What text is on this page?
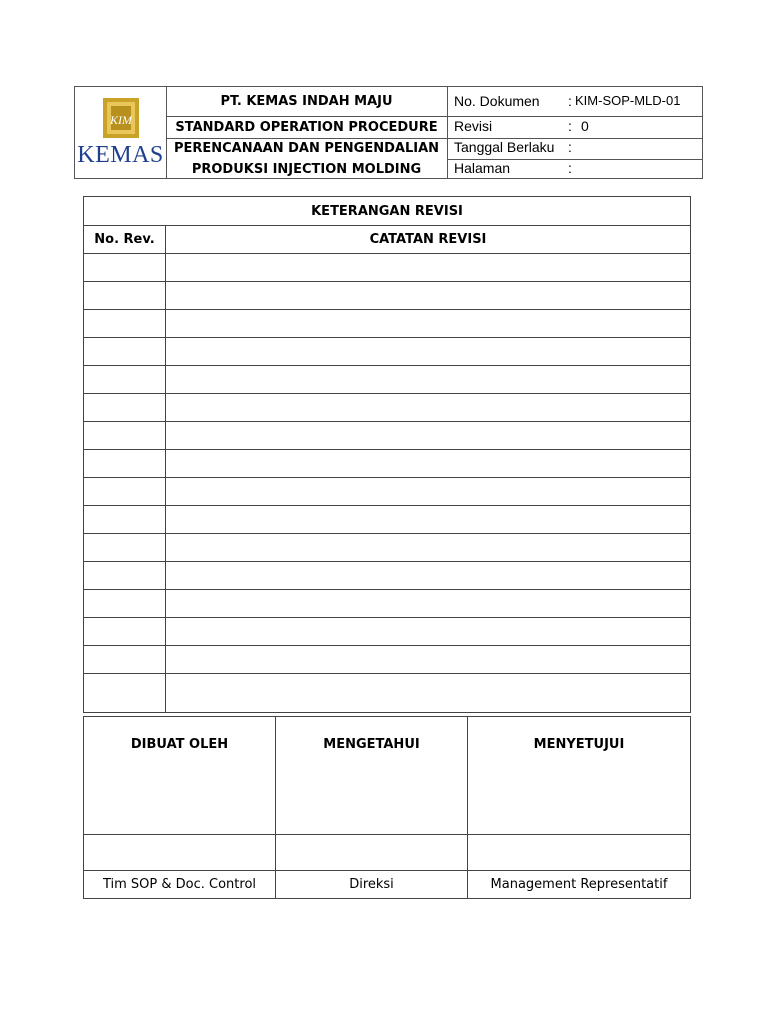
KIM
KEMAS
PT. KEMAS INDAH MAJU
STANDARD OPERATION PROCEDURE
PERENCANAAN DAN PENGENDALIAN
PRODUKSI INJECTION MOLDING
No. Dokumen : KIM-SOP-MLD-01
Revisi	: 0
Tanggal Berlaku :
Halaman	:
KETERANGAN REVISI	
No. Rev.	CATATAN REVISI

DIBUAT OLEH	MENGETAHUI	MENYETUJUI

Tim SOP & Doc. Control	Direksi	Management Representatif
